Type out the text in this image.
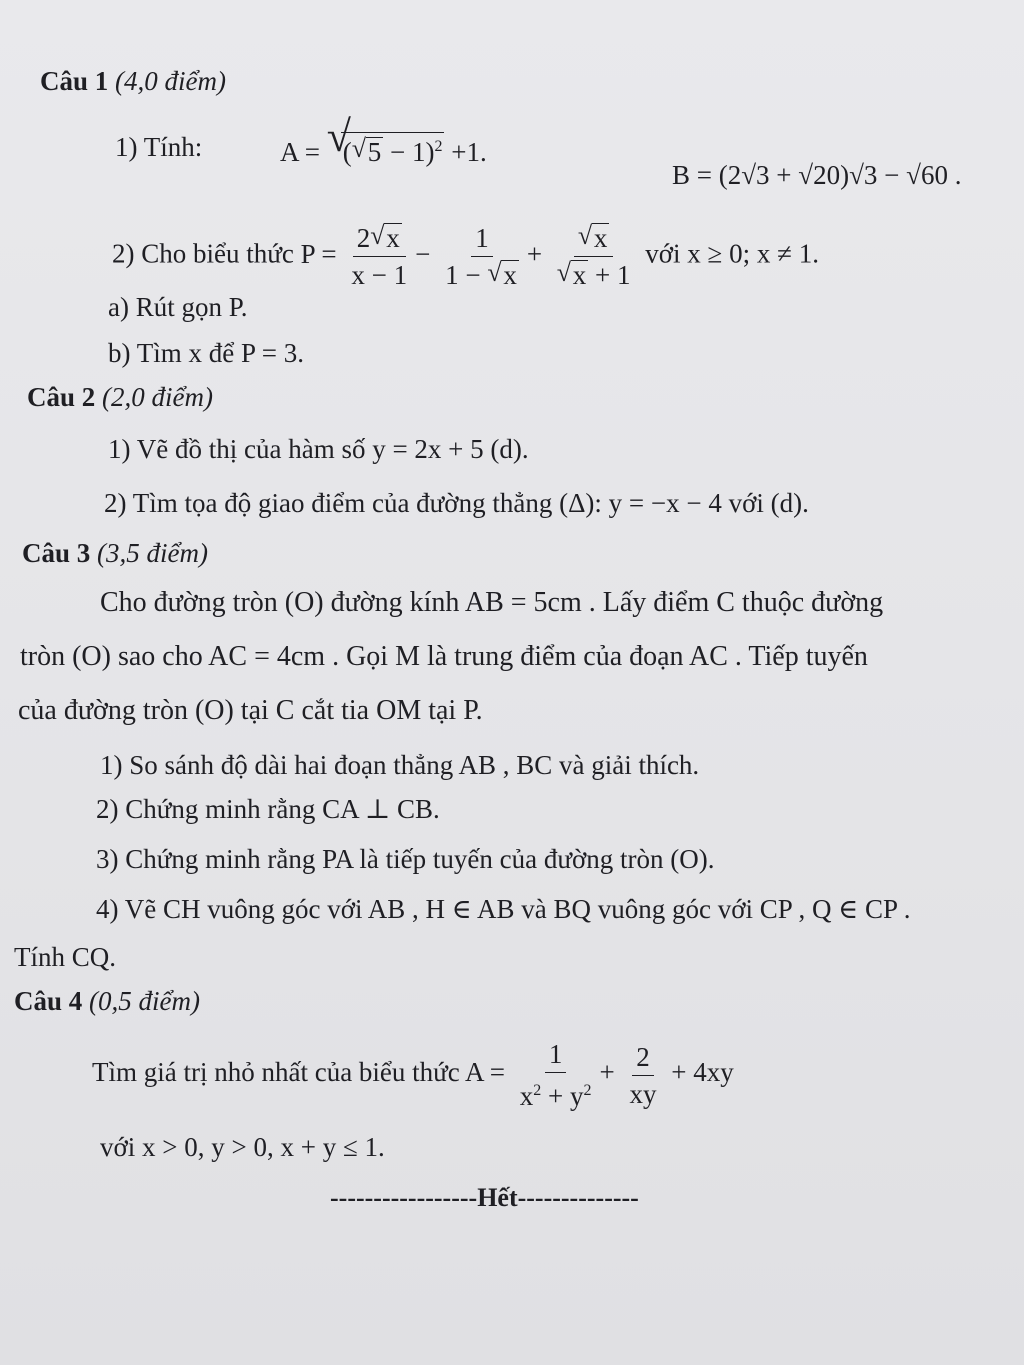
Câu 1 (4,0 điểm)
1) Tính:	A = √ ( √ 5 − 1)$^2$ +1.
B = (2√3 + √20)√3 − √60 .
2) Cho biểu thức $P = \frac{2 √ x}{x - 1} - \frac{1}{1 - √ x}$ + √ x
√ x + 1 với x ≥ 0; x ≠ 1.
a) Rút gọn P.
b) Tìm x để P = 3.
Câu 2 (2,0 điểm)
1) Vẽ đồ thị của hàm số y = 2x + 5 (d).
2) Tìm tọa độ giao điểm của đường thẳng (Δ): y = −x − 4 với (d).
Câu 3 (3,5 điểm)
Cho đường tròn (O) đường kính AB = 5cm . Lấy điểm C thuộc đường
tròn (O) sao cho AC = 4cm . Gọi M là trung điểm của đoạn AC . Tiếp tuyến
của đường tròn (O) tại C cắt tia OM tại P.
1) So sánh độ dài hai đoạn thẳng AB , BC và giải thích.
2) Chứng minh rằng CA ⊥ CB.
3) Chứng minh rằng PA là tiếp tuyến của đường tròn (O).
4) Vẽ CH vuông góc với AB , H ∈ AB và BQ vuông góc với CP , Q ∈ CP .
Tính CQ.
Câu 4 (0,5 điểm)
Tìm giá trị nhỏ nhất của biểu thức $A = \frac{1}{x^2 + y^2} + \frac{2}{xy} + 4xy$
với x > 0, y > 0, x + y ≤ 1.
-----------------Hết--------------
